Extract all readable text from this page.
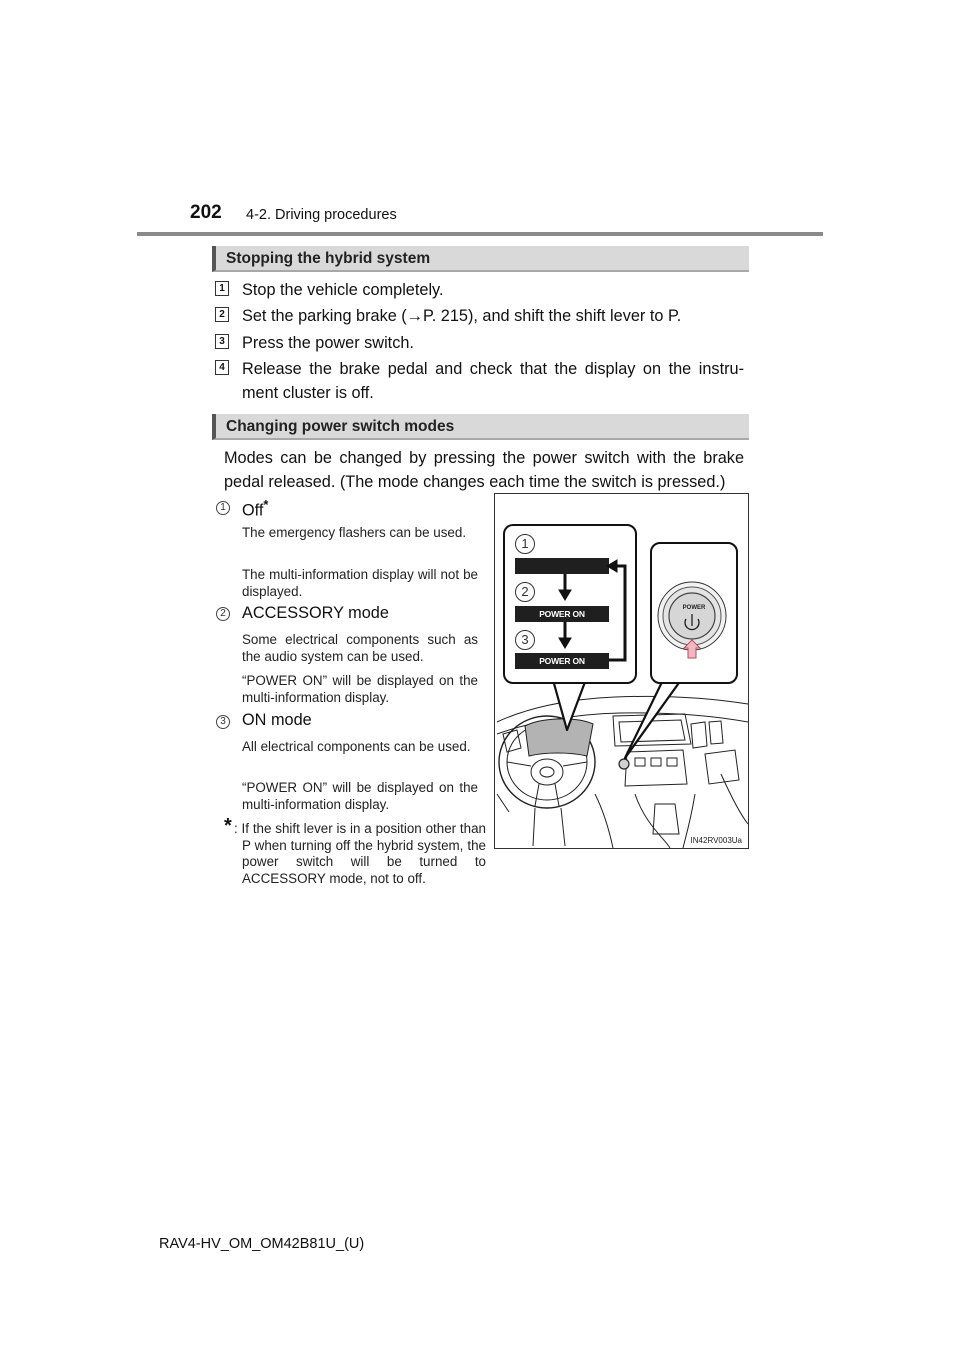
202 4-2. Driving procedures
Stopping the hybrid system
1 Stop the vehicle completely.
2 Set the parking brake (→P. 215), and shift the shift lever to P.
3 Press the power switch.
4 Release the brake pedal and check that the display on the instru-
ment cluster is off.
Changing power switch modes
Modes can be changed by pressing the power switch with the brake pedal released. (The mode changes each time the switch is pressed.)
1 Off*
The emergency flashers can be used.
The multi-information display will not be displayed.
2 ACCESSORY mode
Some electrical components such as the audio system can be used.
“POWER ON” will be displayed on the multi-information display.
3 ON mode
All electrical components can be used.
“POWER ON” will be displayed on the multi-information display.
* : If the shift lever is in a position other than P when turning off the hybrid system, the power switch will be turned to ACCESSORY mode, not to off.
1
2
POWER ON
3
POWER ON
POWER
IN42RV003Ua
RAV4-HV_OM_OM42B81U_(U)
